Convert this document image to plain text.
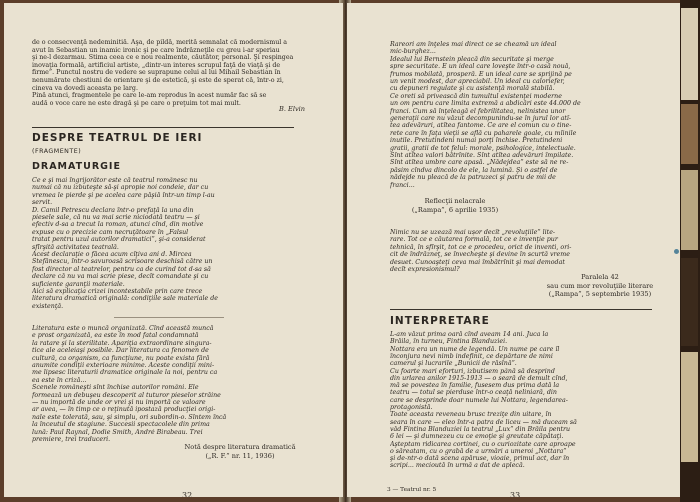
de o consecvenţă nedeminitiă. Aşa, de pildă, merită semnalat că modernismul a

avut în Sebastian un inamic ironic şi pe care îndrăzneţile cu greu i-ar speriau

şi ne-l dezarmau. Stima ceea ce e nou realmente, căutător, personal. Şi respingea

inovaţia formală, artificiul artiste, „dintr-un interes scrupul faţă de viaţă şi de

firme”. Punctul nostru de vedere se suprapune celui al lui Mihail Sebastian în

nenumărate chestiuni de orientare şi de estetică, şi este de sperat că, într-o zi,

cineva va dovedi aceasta pe larg.

Pină atunci, fragmentele pe care le-am reprodus în acest număr fac să se

audă o voce care ne este dragă şi pe care o preţuim tot mai mult.

B. Elvin

DESPRE TEATRUL DE IERI

(FRAGMENTE)

DRAMATURGIE

Ce e şi mai îngrijorător este că teatrul românesc nu

numai că nu izbuteşte să-şi apropie noi condeie, dar cu

vremea le pierde şi pe acelea care păşiă într-un timp l-au

servit.

D. Camil Petrescu declara într-o prefaţă la una din

piesele sale, că nu va mai scrie niciodată teatru — şi

efectiv d-sa a trecut la roman, atunci cînd, din motive

expuse cu o precizie cam necruţătoare în „Falsul

tratat pentru uzul autorilor dramatici”, şi-a considerat

sfîrşită activitatea teatrală.

Acest declaraţie o făcea acum cîţiva ani d. Mircea

Stefănescu, într-o savuroasă scrisoare deschisă către un

fost director al teatrelor, pentru ca de curind tot d-sa să

declare că nu va mai scrie piese, decît comandate şi cu

suficiente garanţii materiale.

Aici să explicaţia crizei incontestabile prin care trece

literatura dramatică originală: condiţiile sale materiale de

existenţă.

Literatura este o muncă organizată. Cînd această muncă

e prost organizată, ea este în mod fatal condamnată

la ratare şi la sterilitate. Apariţia extraordinare singura-

tice ale aceleiaşi posibile. Dar literatura ca fenomen de

cultură, ca organism, ca funcţiune, nu poate exista fără

anumite condiţii exterioare minime. Aceste condiţii mini-

me lipsesc literaturii dramatice originale la noi, pentru ca

ea este în criză...

Scenele româneşti sînt închise autorilor români. Ele

formează un debuşeu descoperit al tuturor pieselor străine

— nu importă de unde or vrei şi nu importă ce valoare

ar avea, — în timp ce o reţinută ipostază producţiei origi-

nale este tolerată, sau, şi simplu, ori subordin-o. Sîntem încă

la înceutul de stagiune. Succesii spectacolele din prima

lună: Paul Raynal, Dodie Smith, André Birabeau. Trei

premiere, trei traduceri.

Notă despre literatura dramatică

(„R. F.” nr. 11, 1936)

32

Rareori am înţeles mai direct ce se cheamă un ideal

mic-burghez...

Idealul lui Bernstein pleacă din securitate şi merge

spre securitate. E un ideal care loveşte într-o casă nouă,

frumos mobilată, prosperă. E un ideal care se sprijină pe

un venit modest, dar apreciabil. Un ideal cu caloriefer,

cu depuneri regulate şi cu asistenţă morală stabilă.

Ce oreti să privească din tumultul existenţei moderne

un om pentru care limita extremă a abdicări este 44.000 de

franci. Cum să înţeleagă el febrilitatea, nelinistea unor

generaţii care nu văzut decompunindu-se în jurul lor atî-

tea adevăruri, atîtea fantome. Ce are el comun cu o tine-

rete care în faţa vieţii se află cu paharele goale, cu mîinile

inutile. Pretutindeni numai porţi închise. Pretutindeni

gratii, gratii de tot felul: morale, psihologice, intelectuale.

Sînt atîtea valori bătrînite. Sînt atîtea adevăruri împilate.

Sînt atîtea umbre care apasă. „Nădejdea” este să ne re-

păsim cîndva dincolo de ele, la lumină. Şi o astfel de

nădejde nu pleacă de la patruzeci şi patru de mii de

franci...

Reflecţii nelacrale

(„Rampa”, 6 aprilie 1935)

Nimic nu se uzează mai ușor decît „revoluţiile” lite-

rare. Tot ce e căutarea formală, tot ce e invenţie pur

tehnică, în sfîrşit, tot ce e procedeu, orict de inventi, ori-

cit de îndrăzneţ, se învecheşte şi devine în scurtă vreme

desuet. Cunoaşteţi ceva mai îmbătrînit şi mai demodat

decît expresionismul?

Paralela 42

sau cum mor revoluţiile literare

(„Rampa”, 5 septembrie 1935)

INTERPRETARE

L-am văzut prima oară cînd aveam 14 ani. Juca la

Brăila, în turneu, Fintina Blanduziei.

Nottara era un nume de legendă. Un nume pe care îl

înconjura nevi nimb indefinit, ce depărtare de nimi

camerul şi lucrarile „Bunicii de răslnă”.

Cu foarte mari eforturi, izbutisem până să desprind

din urlarea anilor 1915-1913 — o seară de demult cînd,

mă se povestea în familie, fusesem dus prima dată la

teatru — totul se pierduse într-o ceaţă neliniară, din

care se desprinde doar numele lui Nottara, legendarea-

protagonistă.

Toate aceasta reveneau brusc treziţe din uitare, în

seara în care — eleo într-a patra de liceu — mă duceam să

văd Fintina Blanduziei la teatrul „Lux” din Brăila pentru

6 lei — şi dumnezeu cu ce emoţie şi greutate căpătaţi.

Aşteptam ridicarea cortinei, cu o curiozitate care aproape

o săreatam, cu o grabă de a urmări a umeroi „Nottara”

şi de-ntr-o dată scena apăruse, vioaie, primul act, dar în

scripi... mecioută în urmă a dat de aplecă.

3 — Teatrul nr. 5

33
